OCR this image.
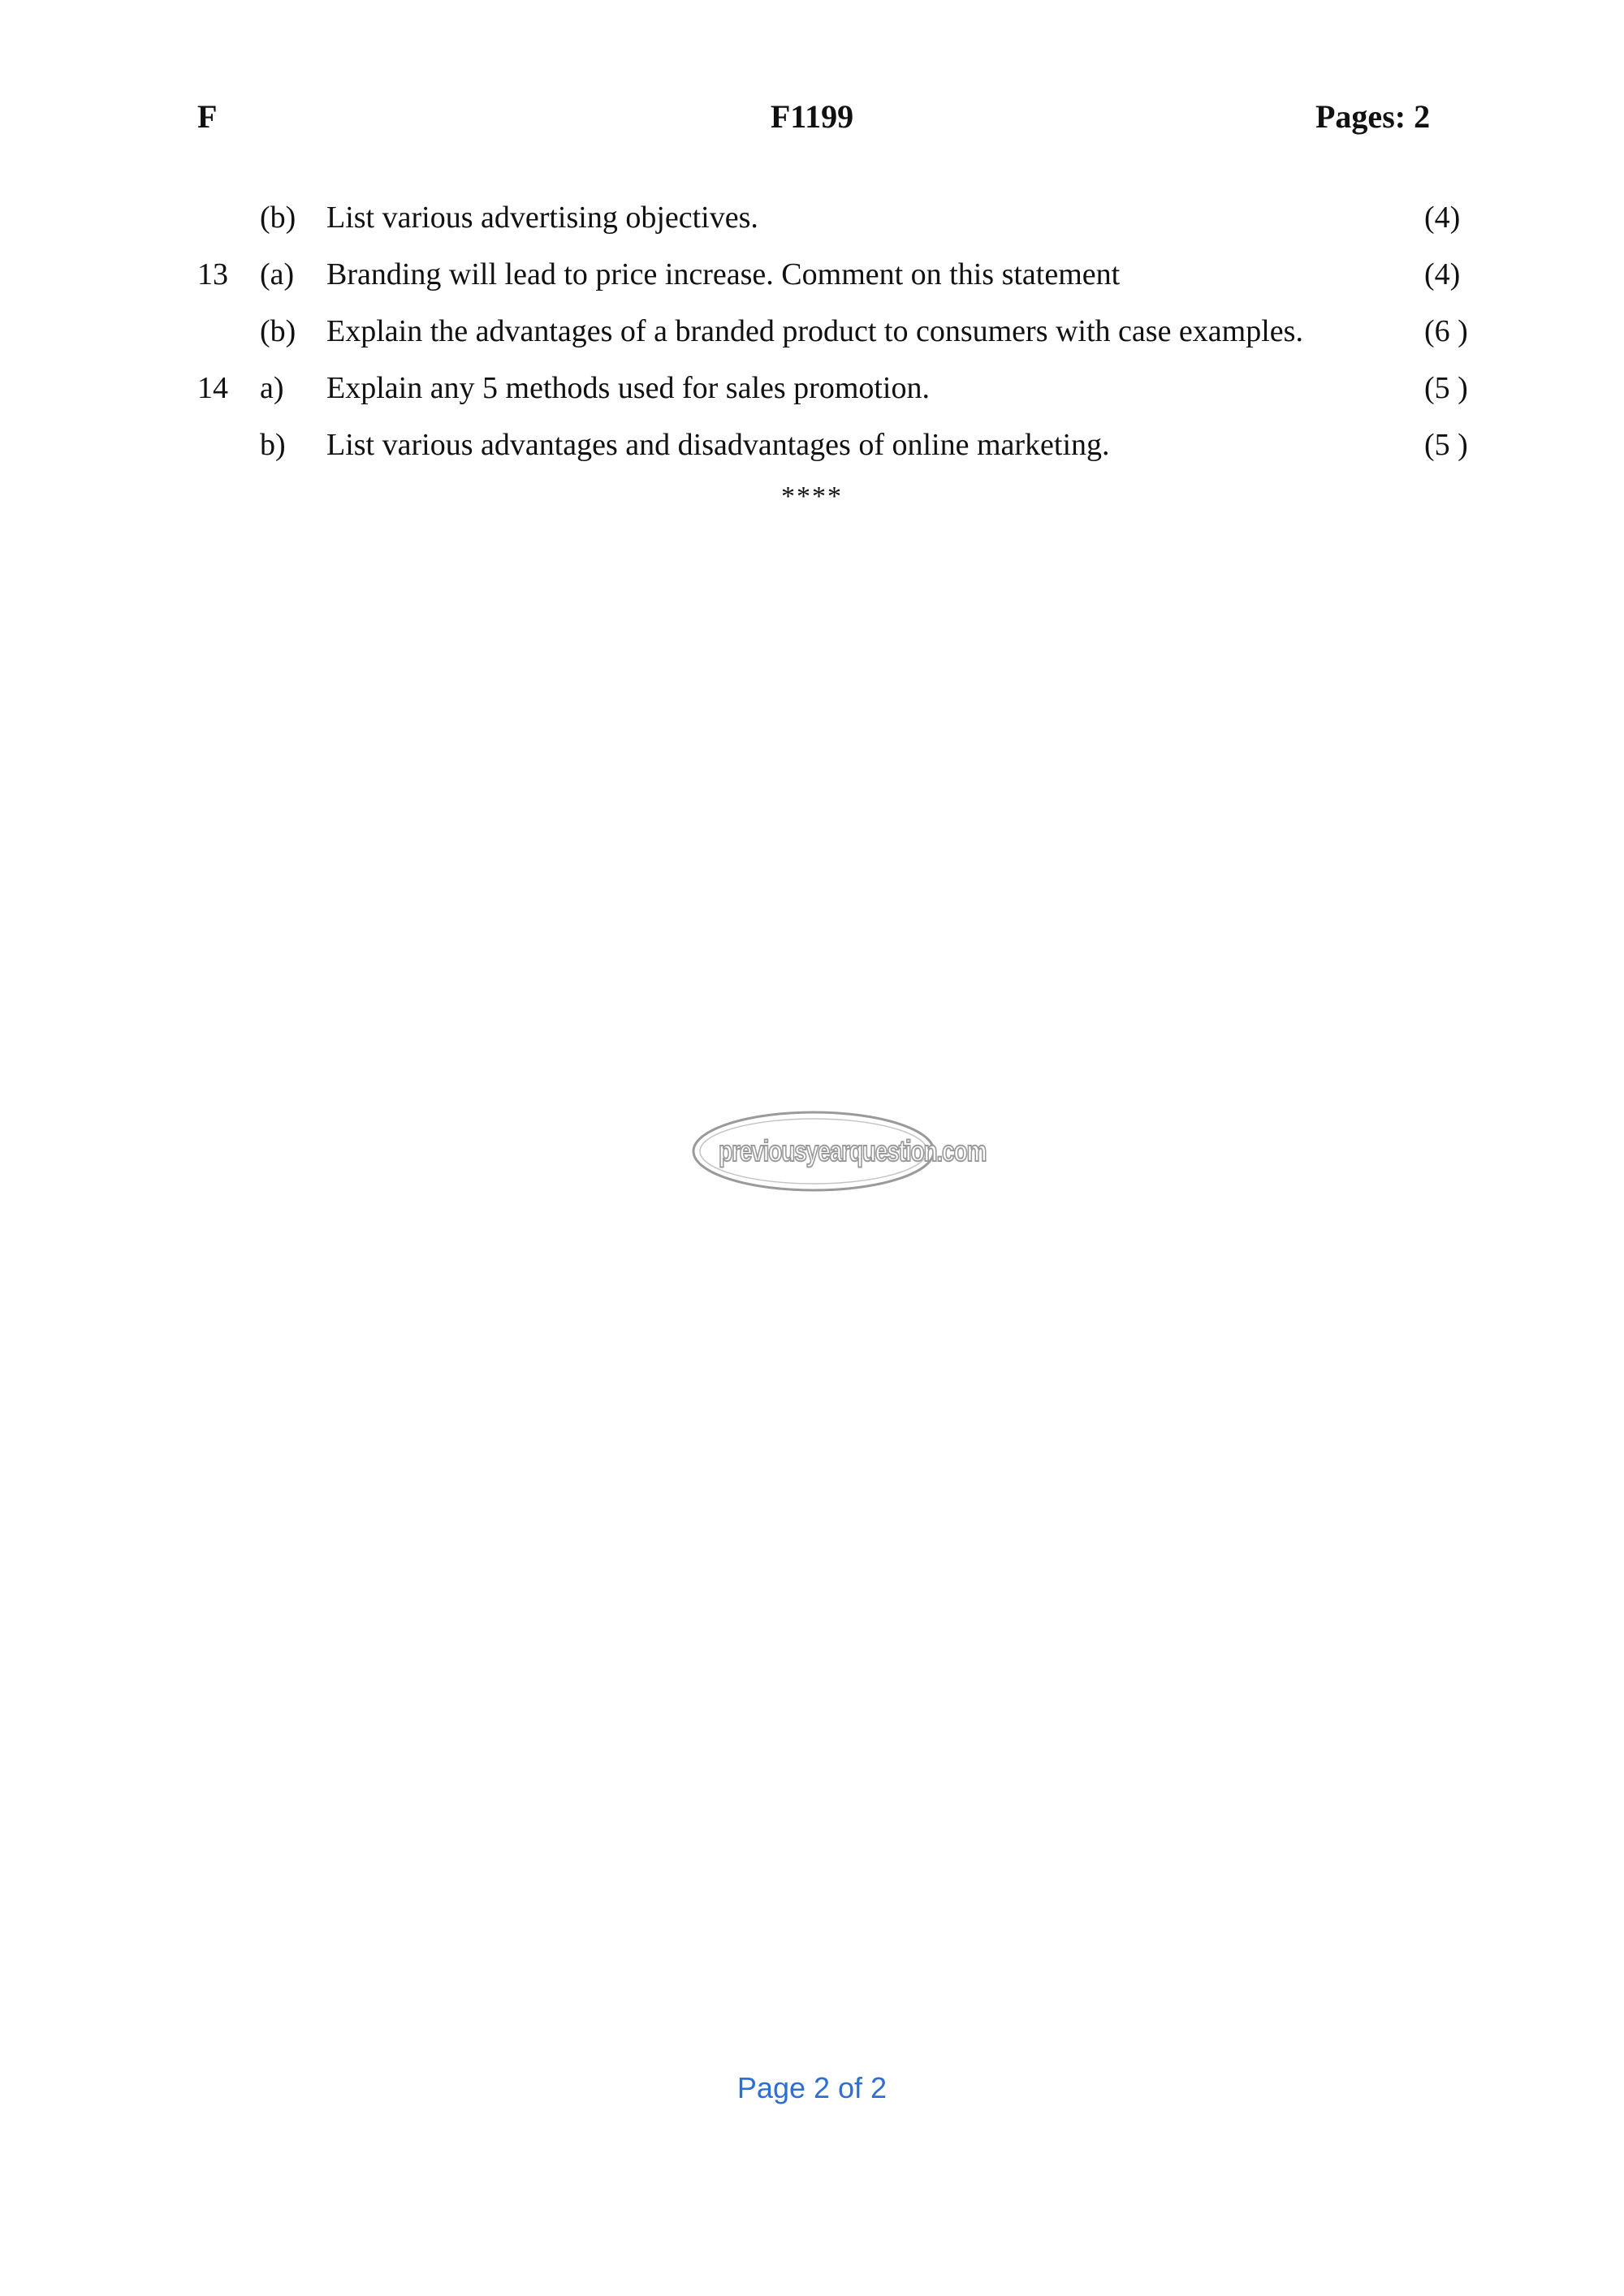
F	F1199	Pages: 2
(b) List various advertising objectives.	(4)
13 (a) Branding will lead to price increase. Comment on this statement	(4)
(b) Explain the advantages of a branded product to consumers with case examples.	(6 )
14 a) Explain any 5 methods used for sales promotion.	(5 )
b) List various advantages and disadvantages of online marketing.	(5 )
****
previousyearquestion.com
Page 2 of 2
